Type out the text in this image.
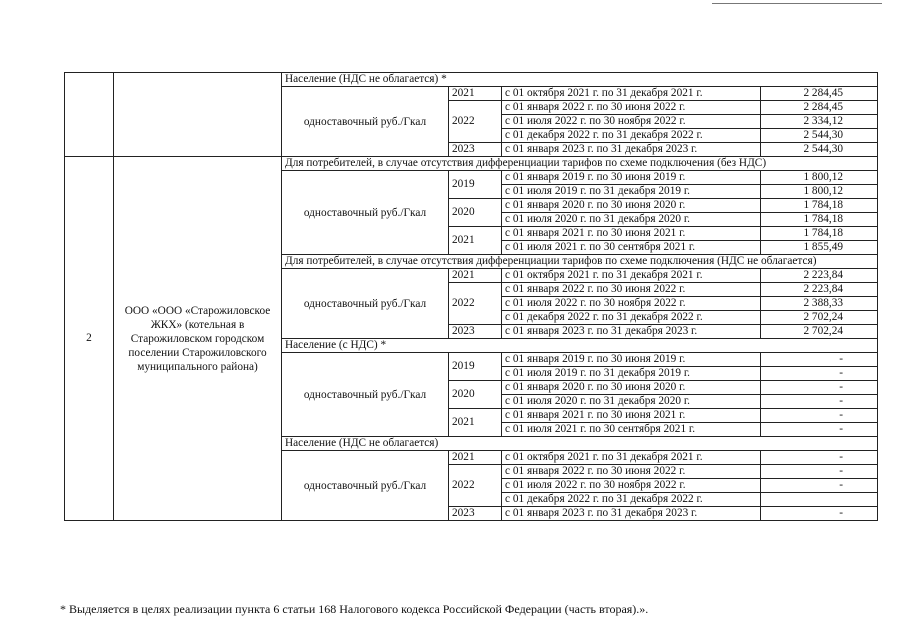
		Население (НДС не облагается) *			
		одноставочный руб./Гкал	2021	с 01 октября 2021 г. по 31 декабря 2021 г.	2 284,45
			2022	с 01 января 2022 г. по 30 июня 2022 г.	2 284,45
				с 01 июля 2022 г. по 30 ноября 2022 г.	2 334,12
				с 01 декабря 2022 г. по 31 декабря 2022 г.	2 544,30
			2023	с 01 января 2023 г. по 31 декабря 2023 г.	2 544,30
2	ООО «ООО «Старожиловское ЖКХ» (котельная в Старожиловском городском поселении Старожиловского муниципального района)	Для потребителей, в случае отсутствия дифференциации тарифов по схеме подключения (без НДС)			
		одноставочный руб./Гкал	2019	с 01 января 2019 г. по 30 июня 2019 г.	1 800,12
				с 01 июля 2019 г. по 31 декабря 2019 г.	1 800,12
			2020	с 01 января 2020 г. по 30 июня 2020 г.	1 784,18
				с 01 июля 2020 г. по 31 декабря 2020 г.	1 784,18
			2021	с 01 января 2021 г. по 30 июня 2021 г.	1 784,18
				с 01 июля 2021 г. по 30 сентября 2021 г.	1 855,49
		Для потребителей, в случае отсутствия дифференциации тарифов по схеме подключения (НДС не облагается)			
		одноставочный руб./Гкал	2021	с 01 октября 2021 г. по 31 декабря 2021 г.	2 223,84
			2022	с 01 января 2022 г. по 30 июня 2022 г.	2 223,84
				с 01 июля 2022 г. по 30 ноября 2022 г.	2 388,33
				с 01 декабря 2022 г. по 31 декабря 2022 г.	2 702,24
			2023	с 01 января 2023 г. по 31 декабря 2023 г.	2 702,24
		Население (с НДС) *			
		одноставочный руб./Гкал	2019	с 01 января 2019 г. по 30 июня 2019 г.	-
				с 01 июля 2019 г. по 31 декабря 2019 г.	-
			2020	с 01 января 2020 г. по 30 июня 2020 г.	-
				с 01 июля 2020 г. по 31 декабря 2020 г.	-
			2021	с 01 января 2021 г. по 30 июня 2021 г.	-
				с 01 июля 2021 г. по 30 сентября 2021 г.	-
		Население (НДС не облагается)			
		одноставочный руб./Гкал	2021	с 01 октября 2021 г. по 31 декабря 2021 г.	-
			2022	с 01 января 2022 г. по 30 июня 2022 г.	-
				с 01 июля 2022 г. по 30 ноября 2022 г.	-
				с 01 декабря 2022 г. по 31 декабря 2022 г.	
			2023	с 01 января 2023 г. по 31 декабря 2023 г.	-
* Выделяется в целях реализации пункта 6 статьи 168 Налогового кодекса Российской Федерации (часть вторая).».
